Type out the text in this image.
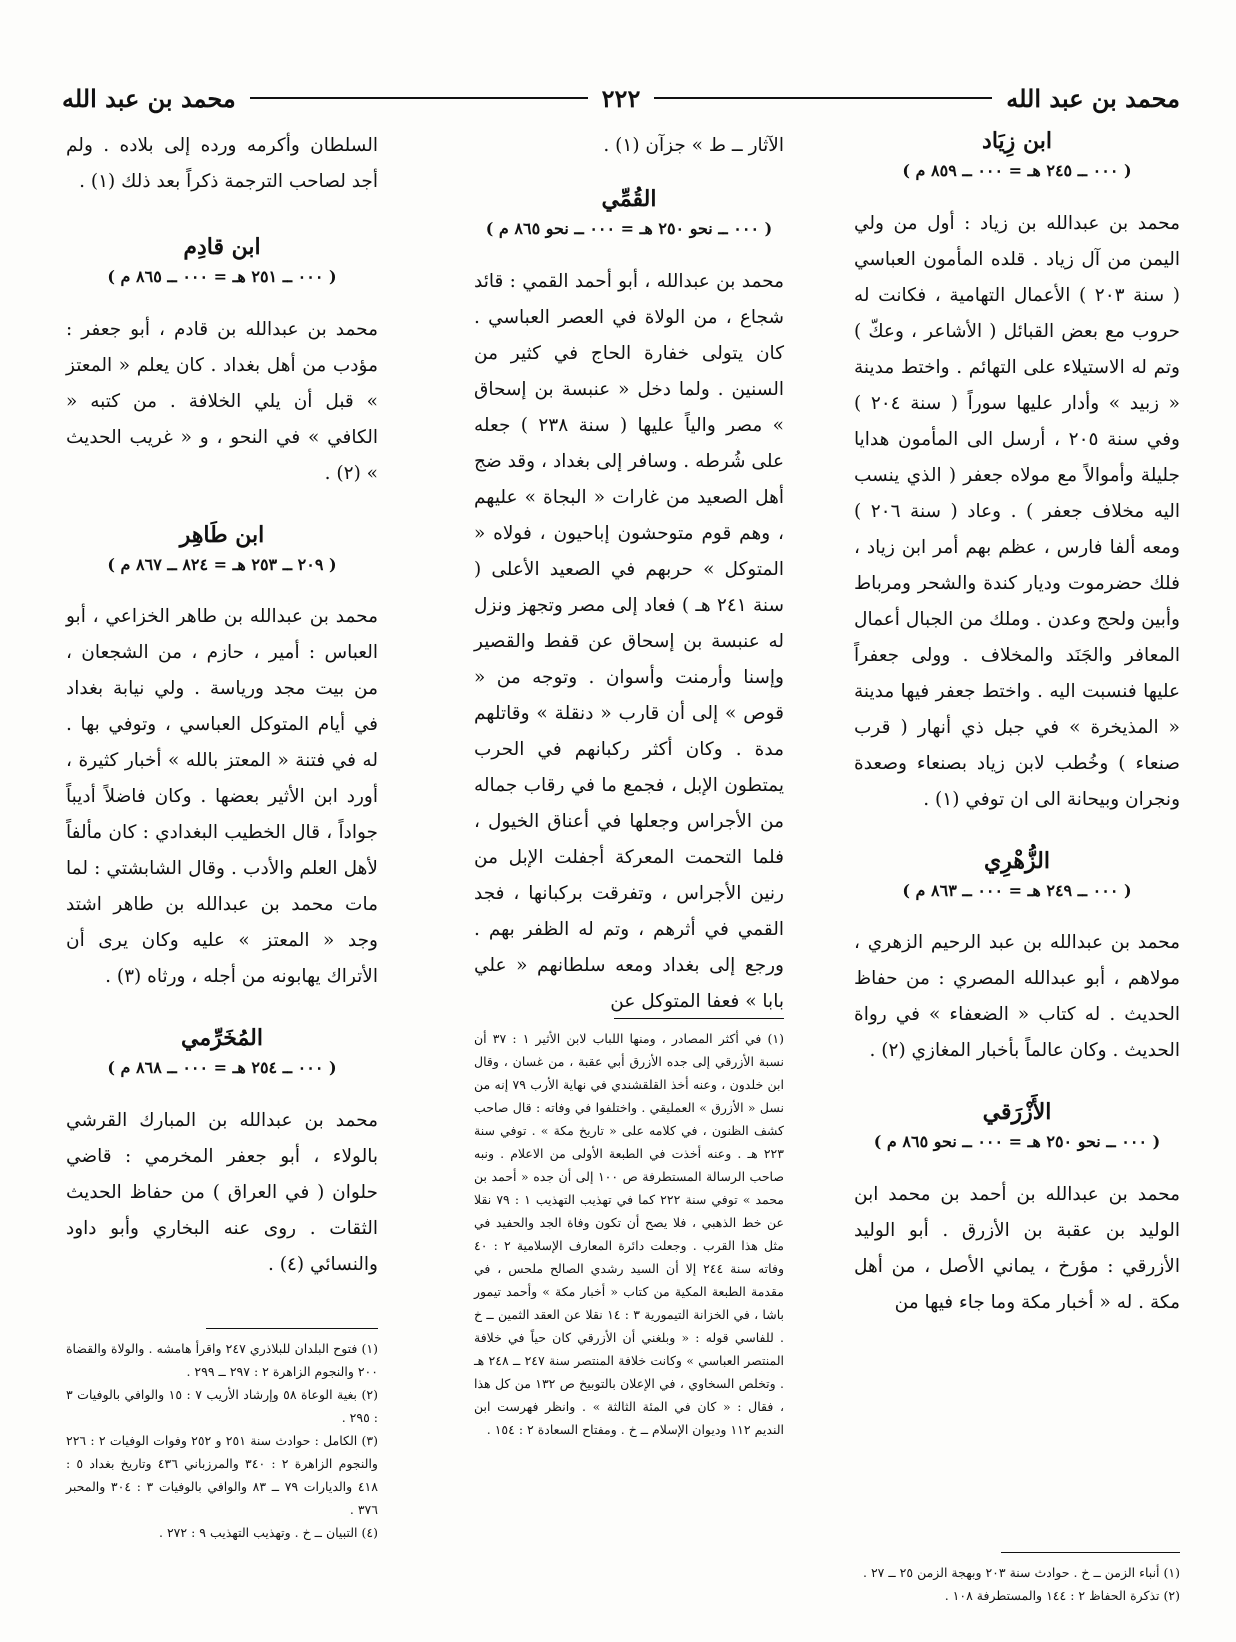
محمد بن عبد الله
٢٢٢
محمد بن عبد الله
ابن زِيَاد
( ٠٠٠ ــ ٢٤٥ هـ = ٠٠٠ ــ ٨٥٩ م )

محمد بن عبدالله بن زياد : أول من ولي اليمن من آل زياد . قلده المأمون العباسي ( سنة ٢٠٣ ) الأعمال التهامية ، فكانت له حروب مع بعض القبائل ( الأشاعر ، وعكّ ) وتم له الاستيلاء على التهائم . واختط مدينة « زبيد » وأدار عليها سوراً ( سنة ٢٠٤ ) وفي سنة ٢٠٥ ، أرسل الى المأمون هدايا جليلة وأموالاً مع مولاه جعفر ( الذي ينسب اليه مخلاف جعفر ) . وعاد ( سنة ٢٠٦ ) ومعه ألفا فارس ، عظم بهم أمر ابن زياد ، فلك حضرموت وديار كندة والشحر ومرباط وأبين ولحج وعدن . وملك من الجبال أعمال المعافر والجَنَد والمخلاف . وولى جعفراً عليها فنسبت اليه . واختط جعفر فيها مدينة « المذيخرة » في جبل ذي أنهار ( قرب صنعاء ) وخُطب لابن زياد بصنعاء وصعدة ونجران وبيحانة الى ان توفي (١) .

الزُّهْرِي
( ٠٠٠ ــ ٢٤٩ هـ = ٠٠٠ ــ ٨٦٣ م )

محمد بن عبدالله بن عبد الرحيم الزهري ، مولاهم ، أبو عبدالله المصري : من حفاظ الحديث . له كتاب « الضعفاء » في رواة الحديث . وكان عالماً بأخبار المغازي (٢) .

الأَزْرَقي
( ٠٠٠ ــ نحو ٢٥٠ هـ = ٠٠٠ ــ نحو ٨٦٥ م )

محمد بن عبدالله بن أحمد بن محمد ابن الوليد بن عقبة بن الأزرق . أبو الوليد الأزرقي : مؤرخ ، يماني الأصل ، من أهل مكة . له « أخبار مكة وما جاء فيها من

(١) أنباء الزمن ــ خ . حوادث سنة ٢٠٣ وبهجة الزمن ٢٥ ــ ٢٧ .
(٢) تذكرة الحفاظ ٢ : ١٤٤ والمستطرفة ١٠٨ .

الآثار ــ ط » جزآن (١) .

القُمِّي
( ٠٠٠ ــ نحو ٢٥٠ هـ = ٠٠٠ ــ نحو ٨٦٥ م )

محمد بن عبدالله ، أبو أحمد القمي : قائد شجاع ، من الولاة في العصر العباسي . كان يتولى خفارة الحاج في كثير من السنين . ولما دخل « عنبسة بن إسحاق » مصر والياً عليها ( سنة ٢٣٨ ) جعله على شُرطه . وسافر إلى بغداد ، وقد ضج أهل الصعيد من غارات « البجاة » عليهم ، وهم قوم متوحشون إباحيون ، فولاه « المتوكل » حربهم في الصعيد الأعلى ( سنة ٢٤١ هـ ) فعاد إلى مصر وتجهز ونزل له عنبسة بن إسحاق عن قفط والقصير وإسنا وأرمنت وأسوان . وتوجه من « قوص » إلى أن قارب « دنقلة » وقاتلهم مدة . وكان أكثر ركبانهم في الحرب يمتطون الإبل ، فجمع ما في رقاب جماله من الأجراس وجعلها في أعناق الخيول ، فلما التحمت المعركة أجفلت الإبل من رنين الأجراس ، وتفرقت بركبانها ، فجد القمي في أثرهم ، وتم له الظفر بهم . ورجع إلى بغداد ومعه سلطانهم « علي بابا » فعفا المتوكل عن

(١) في أكثر المصادر ، ومنها اللباب لابن الأثير ١ : ٣٧ أن نسبة الأزرقي إلى جده الأزرق أبي عقبة ، من غسان ، وقال ابن خلدون ، وعنه أخذ القلقشندي في نهاية الأرب ٧٩ إنه من نسل « الأزرق » العمليقي . واختلفوا في وفاته : قال صاحب كشف الظنون ، في كلامه على « تاريخ مكة » . توفي سنة ٢٢٣ هـ . وعنه أخذت في الطبعة الأولى من الاعلام . ونبه صاحب الرسالة المستطرفة ص ١٠٠ إلى أن جده « أحمد بن محمد » توفي سنة ٢٢٢ كما في تهذيب التهذيب ١ : ٧٩ نقلا عن خط الذهبي ، فلا يصح أن تكون وفاة الجد والحفيد في مثل هذا القرب . وجعلت دائرة المعارف الإسلامية ٢ : ٤٠ وفاته سنة ٢٤٤ إلا أن السيد رشدي الصالح ملحس ، في مقدمة الطبعة المكية من كتاب « أخبار مكة » وأحمد تيمور باشا ، في الخزانة التيمورية ٣ : ١٤ نقلا عن العقد الثمين ــ خ . للفاسي قوله : « وبلغني أن الأزرقي كان حياً في خلافة المنتصر العباسي » وكانت خلافة المنتصر سنة ٢٤٧ ــ ٢٤٨ هـ . وتخلص السخاوي ، في الإعلان بالتوبيخ ص ١٣٢ من كل هذا ، فقال : « كان في المئة الثالثة » . وانظر فهرست ابن النديم ١١٢ وديوان الإسلام ــ خ . ومفتاح السعادة ٢ : ١٥٤ .

السلطان وأكرمه ورده إلى بلاده . ولم أجد لصاحب الترجمة ذكراً بعد ذلك (١) .

ابن قادِم
( ٠٠٠ ــ ٢٥١ هـ = ٠٠٠ ــ ٨٦٥ م )

محمد بن عبدالله بن قادم ، أبو جعفر : مؤدب من أهل بغداد . كان يعلم « المعتز » قبل أن يلي الخلافة . من كتبه « الكافي » في النحو ، و « غريب الحديث » (٢) .

ابن طَاهِر
( ٢٠٩ ــ ٢٥٣ هـ = ٨٢٤ ــ ٨٦٧ م )

محمد بن عبدالله بن طاهر الخزاعي ، أبو العباس : أمير ، حازم ، من الشجعان ، من بيت مجد ورياسة . ولي نيابة بغداد في أيام المتوكل العباسي ، وتوفي بها . له في فتنة « المعتز بالله » أخبار كثيرة ، أورد ابن الأثير بعضها . وكان فاضلاً أديباً جواداً ، قال الخطيب البغدادي : كان مألفاً لأهل العلم والأدب . وقال الشابشتي : لما مات محمد بن عبدالله بن طاهر اشتد وجد « المعتز » عليه وكان يرى أن الأتراك يهابونه من أجله ، ورثاه (٣) .

المُخَرِّمي
( ٠٠٠ ــ ٢٥٤ هـ = ٠٠٠ ــ ٨٦٨ م )

محمد بن عبدالله بن المبارك القرشي بالولاء ، أبو جعفر المخرمي : قاضي حلوان ( في العراق ) من حفاظ الحديث الثقات . روى عنه البخاري وأبو داود والنسائي (٤) .

(١) فتوح البلدان للبلاذري ٢٤٧ واقرأ هامشه . والولاة والقضاة ٢٠٠ والنجوم الزاهرة ٢ : ٢٩٧ ــ ٢٩٩ .
(٢) بغية الوعاة ٥٨ وإرشاد الأريب ٧ : ١٥ والوافي بالوفيات ٣ : ٢٩٥ .
(٣) الكامل : حوادث سنة ٢٥١ و ٢٥٢ وفوات الوفيات ٢ : ٢٢٦ والنجوم الزاهرة ٢ : ٣٤٠ والمرزباني ٤٣٦ وتاريخ بغداد ٥ : ٤١٨ والديارات ٧٩ ــ ٨٣ والوافي بالوفيات ٣ : ٣٠٤ والمحبر ٣٧٦ .
(٤) التبيان ــ خ . وتهذيب التهذيب ٩ : ٢٧٢ .
